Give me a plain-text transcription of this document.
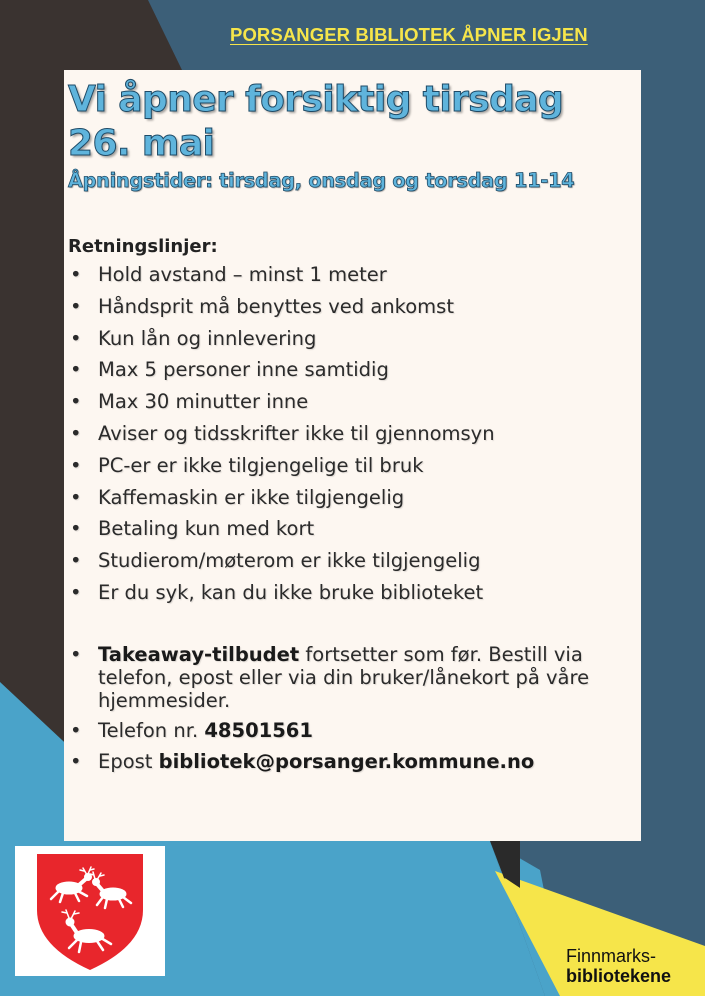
PORSANGER BIBLIOTEK ÅPNER IGJEN
Vi åpner forsiktig tirsdag
26. mai
Åpningstider: tirsdag, onsdag og torsdag 11-14
Retningslinjer:
• Hold avstand – minst 1 meter
• Håndsprit må benyttes ved ankomst
• Kun lån og innlevering
• Max 5 personer inne samtidig
• Max 30 minutter inne
• Aviser og tidsskrifter ikke til gjennomsyn
• PC-er er ikke tilgjengelige til bruk
• Kaffemaskin er ikke tilgjengelig
• Betaling kun med kort
• Studierom/møterom er ikke tilgjengelig
• Er du syk, kan du ikke bruke biblioteket
• Takeaway-tilbudet fortsetter som før. Bestill via telefon, epost eller via din bruker/lånekort på våre hjemmesider.
• Telefon nr. 48501561
• Epost bibliotek@porsanger.kommune.no
Finnmarks-
bibliotekene
